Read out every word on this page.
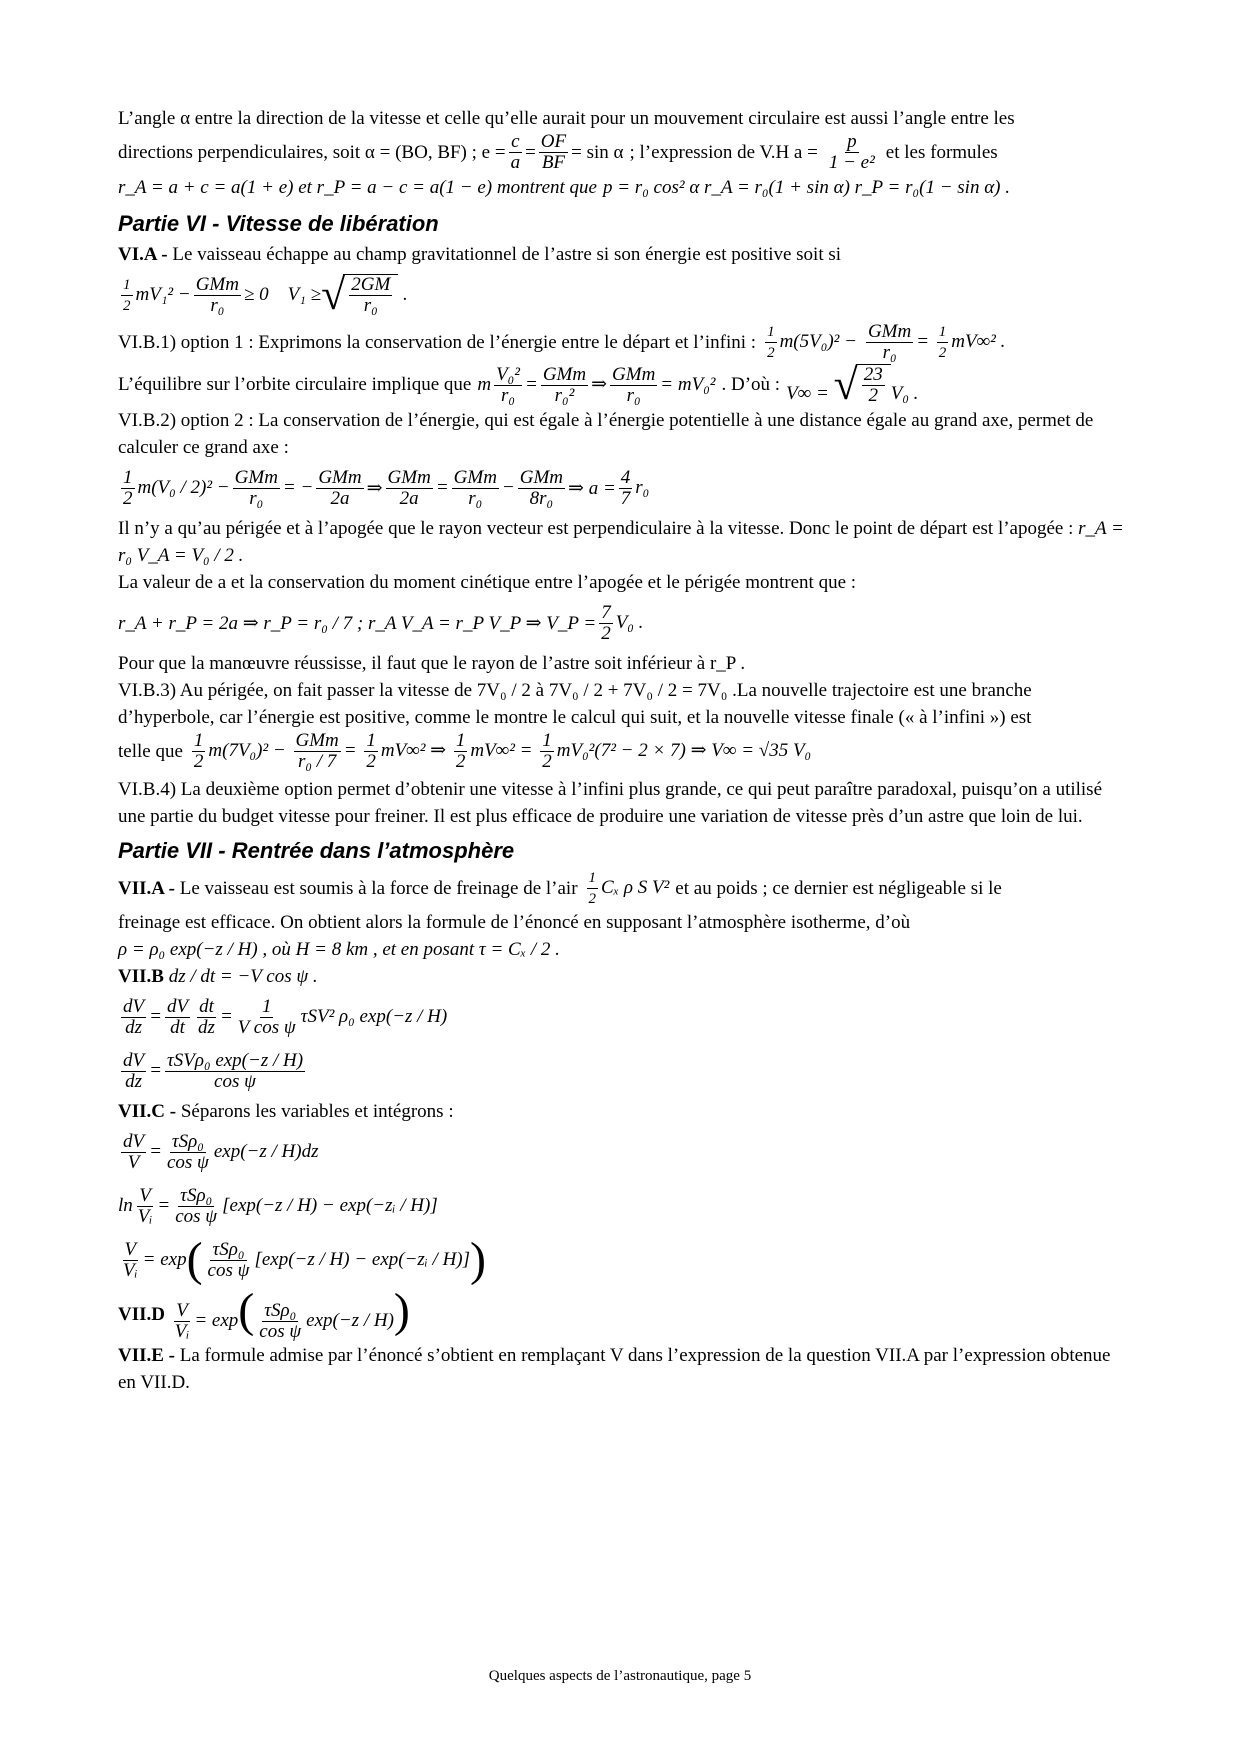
L’angle α entre la direction de la vitesse et celle qu’elle aurait pour un mouvement circulaire est aussi l’angle entre les
directions perpendiculaires, soit α = (BO, BF) ; $e = \frac{c}{a} = \frac{OF}{BF} = \sin \alpha$ ; l’expression de V.H $a = \frac{p}{\text{1 − e²}}$ et les formules
r_A = a + c = a(1 + e) et r_P = a − c = a(1 − e) montrent que p = r₀ cos² α r_A = r₀(1 + sin α) r_P = r₀(1 − sin α) .
Partie VI - Vitesse de libération
VI.A - Le vaisseau échappe au champ gravitationnel de l’astre si son énergie est positive soit si
$\frac{1}{2} mV_1^2 - \frac{\text{GMm}}{\text{r₀}} \ge 0$    V₁ ≥ √ $\frac{2GM}{\text{r₀}}$ .
VI.B.1) option 1 : Exprimons la conservation de l’énergie entre le départ et l’infini : $\frac{1}{2} m(5V_0)^2 - \frac{\text{GMm}}{\text{r₀}} = \frac{1}{2} mV\infty^2$ .
L’équilibre sur l’orbite circulaire implique que m $\frac{\text{V₀²}}{\text{r₀}} = \frac{\text{GMm}}{\text{r₀²}}$ ⇒ $\frac{\text{GMm}}{\text{r₀}} = mV_0^2$ . D’où : V∞ = √ $\frac{23}{2} V_0$ .
VI.B.2) option 2 : La conservation de l’énergie, qui est égale à l’énergie potentielle à une distance égale au grand axe, permet de calculer ce grand axe :
$\frac{1}{2} m(V_0 / 2)^2 - \frac{\text{GMm}}{\text{r₀}}$ = − $\frac{\text{GMm}}{2a}$ ⇒ $\frac{\text{GMm}}{2a} = \frac{\text{GMm}}{\text{r₀}} - \frac{\text{GMm}}{\text{8r₀}}$ ⇒ $a = \frac{4}{7} r_0$
Il n’y a qu’au périgée et à l’apogée que le rayon vecteur est perpendiculaire à la vitesse. Donc le point de départ est l’apogée : r_A = r₀ V_A = V₀ / 2 .
La valeur de a et la conservation du moment cinétique entre l’apogée et le périgée montrent que :
r_A + r_P = 2a ⇒ r_P = r₀ / 7 ; r_A V_A = r_P V_P ⇒ V_P = $\frac{7}{2} V_0$ .
Pour que la manœuvre réussisse, il faut que le rayon de l’astre soit inférieur à r_P .
VI.B.3) Au périgée, on fait passer la vitesse de 7V₀ / 2 à 7V₀ / 2 + 7V₀ / 2 = 7V₀ .La nouvelle trajectoire est une branche d’hyperbole, car l’énergie est positive, comme le montre le calcul qui suit, et la nouvelle vitesse finale (« à l’infini ») est
telle que $\frac{1}{2} m(7V_0)^2 - \frac{\text{GMm}}{\text{r₀ / 7}} = \frac{1}{2} mV\infty^2$ ⇒ $\frac{1}{2} mV\infty^2 = \frac{1}{2} mV_0^2(7^2 - 2 \times 7)$ ⇒ V∞ = √35 V₀
VI.B.4) La deuxième option permet d’obtenir une vitesse à l’infini plus grande, ce qui peut paraître paradoxal, puisqu’on a utilisé une partie du budget vitesse pour freiner. Il est plus efficace de produire une variation de vitesse près d’un astre que loin de lui.
Partie VII - Rentrée dans l’atmosphère
VII.A -
Le vaisseau est soumis à la force de freinage de l’air $\frac{1}{2}$ Cₓ ρ S V² et au poids ; ce dernier est négligeable si le
freinage est efficace. On obtient alors la formule de l’énoncé en supposant l’atmosphère isotherme, d’où
ρ = ρ₀ exp(−z / H) , où H = 8 km , et en posant τ = Cₓ / 2 .
VII.B dz / dt = −V cos ψ .
$\frac{dV}{dz} = \frac{dV}{dt} \frac{dt}{dz} = \frac{1}{\text{V cos ψ}} \tau SV^2$ ρ₀ exp(−z / H)
$\frac{dV}{dz} = \frac{\text{τSVρ₀ exp(−z / H)}}{\text{cos ψ}}$
VII.C - Séparons les variables et intégrons :
$\frac{dV}{V} = \frac{\text{τSρ₀}}{\text{cos ψ}} \exp(-z / H)dz$
$\ln \frac{V}{\text{Vᵢ}} = \frac{\text{τSρ₀}}{\text{cos ψ}} [\exp(-z / H)$ − exp(−zᵢ / H)]
$\frac{V}{\text{Vᵢ}} = \exp$ ( $\frac{\text{τSρ₀}}{\text{cos ψ}} [\exp(-z / H)$ − exp(−zᵢ / H)] )
VII.D
$\frac{V}{\text{Vᵢ}} = \exp( \frac{\text{τSρ₀}}{\text{cos ψ}} \exp(-z / H))$
VII.E - La formule admise par l’énoncé s’obtient en remplaçant V dans l’expression de la question VII.A par l’expression obtenue en VII.D.
Quelques aspects de l’astronautique, page 5
